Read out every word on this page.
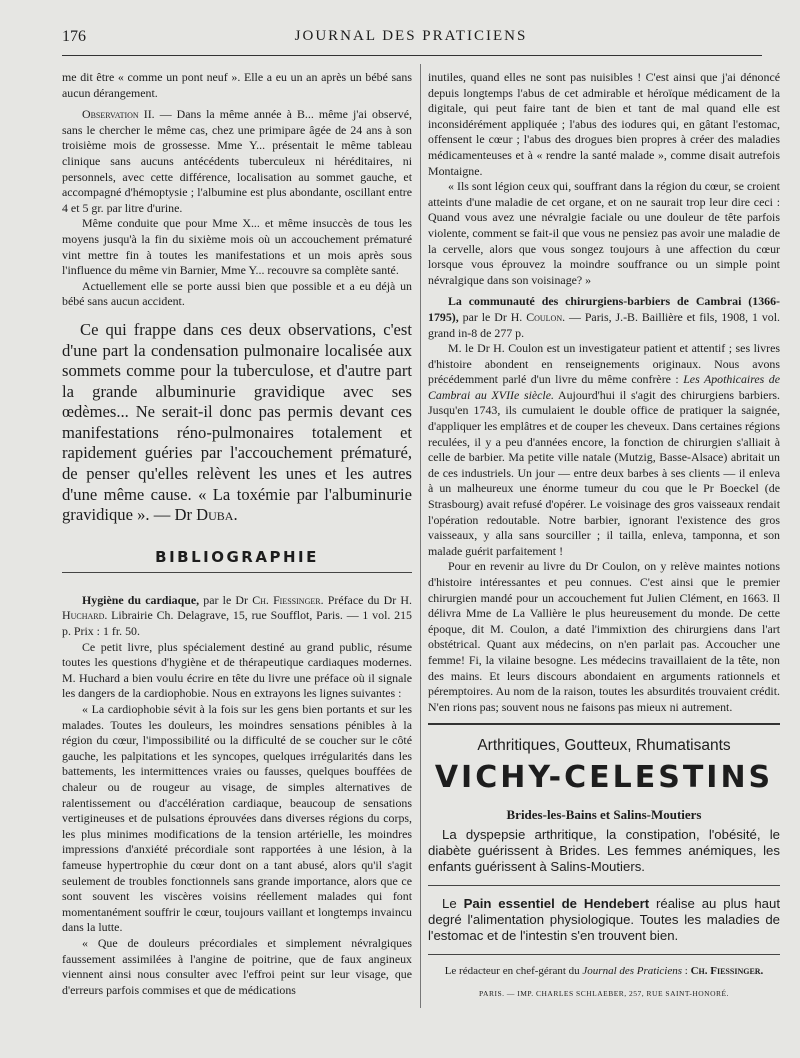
176	JOURNAL DES PRATICIENS

me dit être « comme un pont neuf ». Elle a eu un an après un bébé sans aucun dérangement.

Observation II. — Dans la même année à B... même j'ai observé, sans le chercher le même cas, chez une primipare âgée de 24 ans à son troisième mois de grossesse. Mme Y... présentait le même tableau clinique sans aucuns antécédents tuberculeux ni héréditaires, ni personnels, avec cette différence, localisation au sommet gauche, et accompagné d'hémoptysie ; l'albumine est plus abondante, oscillant entre 4 et 5 gr. par litre d'urine.

Même conduite que pour Mme X... et même insuccès de tous les moyens jusqu'à la fin du sixième mois où un accouchement prématuré vint mettre fin à toutes les manifestations et un mois après sous l'influence du même vin Barnier, Mme Y... recouvre sa complète santé.

Actuellement elle se porte aussi bien que possible et a eu déjà un bébé sans aucun accident.

Ce qui frappe dans ces deux observations, c'est d'une part la condensation pulmonaire localisée aux sommets comme pour la tuberculose, et d'autre part la grande albuminurie gravidique avec ses œdèmes... Ne serait-il donc pas permis devant ces manifestations réno-pulmonaires totalement et rapidement guéries par l'accouchement prématuré, de penser qu'elles relèvent les unes et les autres d'une même cause. « La toxémie par l'albuminurie gravidique ». — Dr Duba.

BIBLIOGRAPHIE

Hygiène du cardiaque, par le Dr Ch. Fiessinger. Préface du Dr H. Huchard. Librairie Ch. Delagrave, 15, rue Soufflot, Paris. — 1 vol. 215 p. Prix : 1 fr. 50.

Ce petit livre, plus spécialement destiné au grand public, résume toutes les questions d'hygiène et de thérapeutique cardiaques modernes. M. Huchard a bien voulu écrire en tête du livre une préface où il signale les dangers de la cardiophobie. Nous en extrayons les lignes suivantes :

« La cardiophobie sévit à la fois sur les gens bien portants et sur les malades. Toutes les douleurs, les moindres sensations pénibles à la région du cœur, l'impossibilité ou la difficulté de se coucher sur le côté gauche, les palpitations et les syncopes, quelques irrégularités dans les battements, les intermittences vraies ou fausses, quelques bouffées de chaleur ou de rougeur au visage, de simples alternatives de ralentissement ou d'accélération cardiaque, beaucoup de sensations vertigineuses et de pulsations éprouvées dans diverses régions du corps, les plus minimes modifications de la tension artérielle, les moindres impressions d'anxiété précordiale sont rapportées à une lésion, à la fameuse hypertrophie du cœur dont on a tant abusé, alors qu'il s'agit seulement de troubles fonctionnels sans grande importance, alors que ce sont souvent les viscères voisins réellement malades qui font momentanément souffrir le cœur, toujours vaillant et longtemps invaincu dans la lutte.

« Que de douleurs précordiales et simplement névralgiques faussement assimilées à l'angine de poitrine, que de faux angineux viennent ainsi nous consulter avec l'effroi peint sur leur visage, que d'erreurs parfois commises et que de médications

inutiles, quand elles ne sont pas nuisibles ! C'est ainsi que j'ai dénoncé depuis longtemps l'abus de cet admirable et héroïque médicament de la digitale, qui peut faire tant de bien et tant de mal quand elle est inconsidérément appliquée ; l'abus des iodures qui, en gâtant l'estomac, offensent le cœur ; l'abus des drogues bien propres à créer des maladies médicamenteuses et à « rendre la santé malade », comme disait autrefois Montaigne.

« Ils sont légion ceux qui, souffrant dans la région du cœur, se croient atteints d'une maladie de cet organe, et on ne saurait trop leur dire ceci : Quand vous avez une névralgie faciale ou une douleur de tête parfois violente, comment se fait-il que vous ne pensiez pas avoir une maladie de la cervelle, alors que vous songez toujours à une affection du cœur lorsque vous éprouvez la moindre souffrance ou un simple point névralgique dans son voisinage? »

La communauté des chirurgiens-barbiers de Cambrai (1366-1795), par le Dr H. Coulon. — Paris, J.-B. Baillière et fils, 1908, 1 vol. grand in-8 de 277 p.

M. le Dr H. Coulon est un investigateur patient et attentif ; ses livres d'histoire abondent en renseignements originaux. Nous avons précédemment parlé d'un livre du même confrère : Les Apothicaires de Cambrai au XVIIe siècle. Aujourd'hui il s'agit des chirurgiens barbiers. Jusqu'en 1743, ils cumulaient le double office de pratiquer la saignée, d'appliquer les emplâtres et de couper les cheveux. Dans certaines régions reculées, il y a peu d'années encore, la fonction de chirurgien s'alliait à celle de barbier. Ma petite ville natale (Mutzig, Basse-Alsace) abritait un de ces industriels. Un jour — entre deux barbes à ses clients — il enleva à un malheureux une énorme tumeur du cou que le Pr Boeckel (de Strasbourg) avait refusé d'opérer. Le voisinage des gros vaisseaux rendait l'opération redoutable. Notre barbier, ignorant l'existence des gros vaisseaux, y alla sans sourciller ; il tailla, enleva, tamponna, et son malade guérit parfaitement !

Pour en revenir au livre du Dr Coulon, on y relève maintes notions d'histoire intéressantes et peu connues. C'est ainsi que le premier chirurgien mandé pour un accouchement fut Julien Clément, en 1663. Il délivra Mme de La Vallière le plus heureusement du monde. De cette époque, dit M. Coulon, a daté l'immixtion des chirurgiens dans l'art obstétrical. Quant aux médecins, on n'en parlait pas. Accoucher une femme! Fi, la vilaine besogne. Les médecins travaillaient de la tête, non des mains. Et leurs discours abondaient en arguments rationnels et péremptoires. Au nom de la raison, toutes les absurdités trouvaient crédit. N'en rions pas; souvent nous ne faisons pas mieux ni autrement.

Arthritiques, Goutteux, Rhumatisants
VICHY-CELESTINS
Brides-les-Bains et Salins-Moutiers

La dyspepsie arthritique, la constipation, l'obésité, le diabète guérissent à Brides. Les femmes anémiques, les enfants guérissent à Salins-Moutiers.

Le Pain essentiel de Hendebert réalise au plus haut degré l'alimentation physiologique. Toutes les maladies de l'estomac et de l'intestin s'en trouvent bien.

Le rédacteur en chef-gérant du Journal des Praticiens : Ch. Fiessinger.
PARIS. — IMP. CHARLES SCHLAEBER, 257, RUE SAINT-HONORÉ.
